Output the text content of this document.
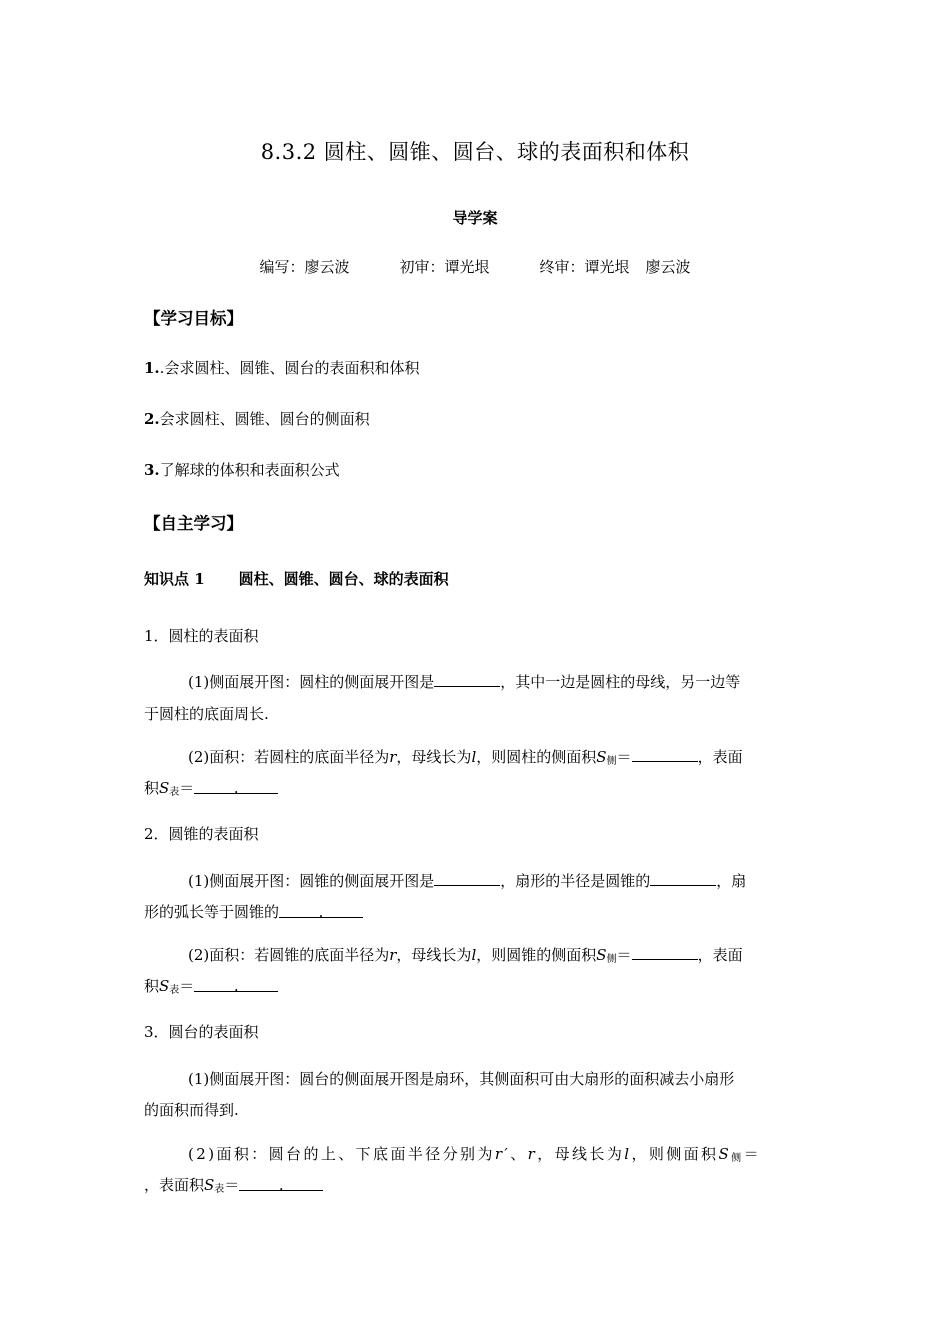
8.3.2 圆柱、圆锥、圆台、球的表面积和体积
导学案
编写：廖云波	初审：谭光垠	终审：谭光垠 廖云波
【学习目标】
1..会求圆柱、圆锥、圆台的表面积和体积
2.会求圆柱、圆锥、圆台的侧面积
3.了解球的体积和表面积公式
【自主学习】
知识点 1 圆柱、圆锥、圆台、球的表面积
1．圆柱的表面积
(1)侧面展开图：圆柱的侧面展开图是	，其中一边是圆柱的母线，另一边等
于圆柱的底面周长.
(2)面积：若圆柱的底面半径为r，母线长为l，则圆柱的侧面积$S_侧=$	，表面
积$S_表=$	.
2．圆锥的表面积
(1)侧面展开图：圆锥的侧面展开图是	，扇形的半径是圆锥的	，扇
形的弧长等于圆锥的	.
(2)面积：若圆锥的底面半径为r，母线长为l，则圆锥的侧面积$S_侧=$	，表面
积$S_表=$	.
3．圆台的表面积
(1)侧面展开图：圆台的侧面展开图是扇环，其侧面积可由大扇形的面积减去小扇形
的面积而得到.
(2)面积：圆台的上、下底面半径分别为r′、r，母线长为l，则侧面积$S_侧=$
，表面积$S_表=$	.
